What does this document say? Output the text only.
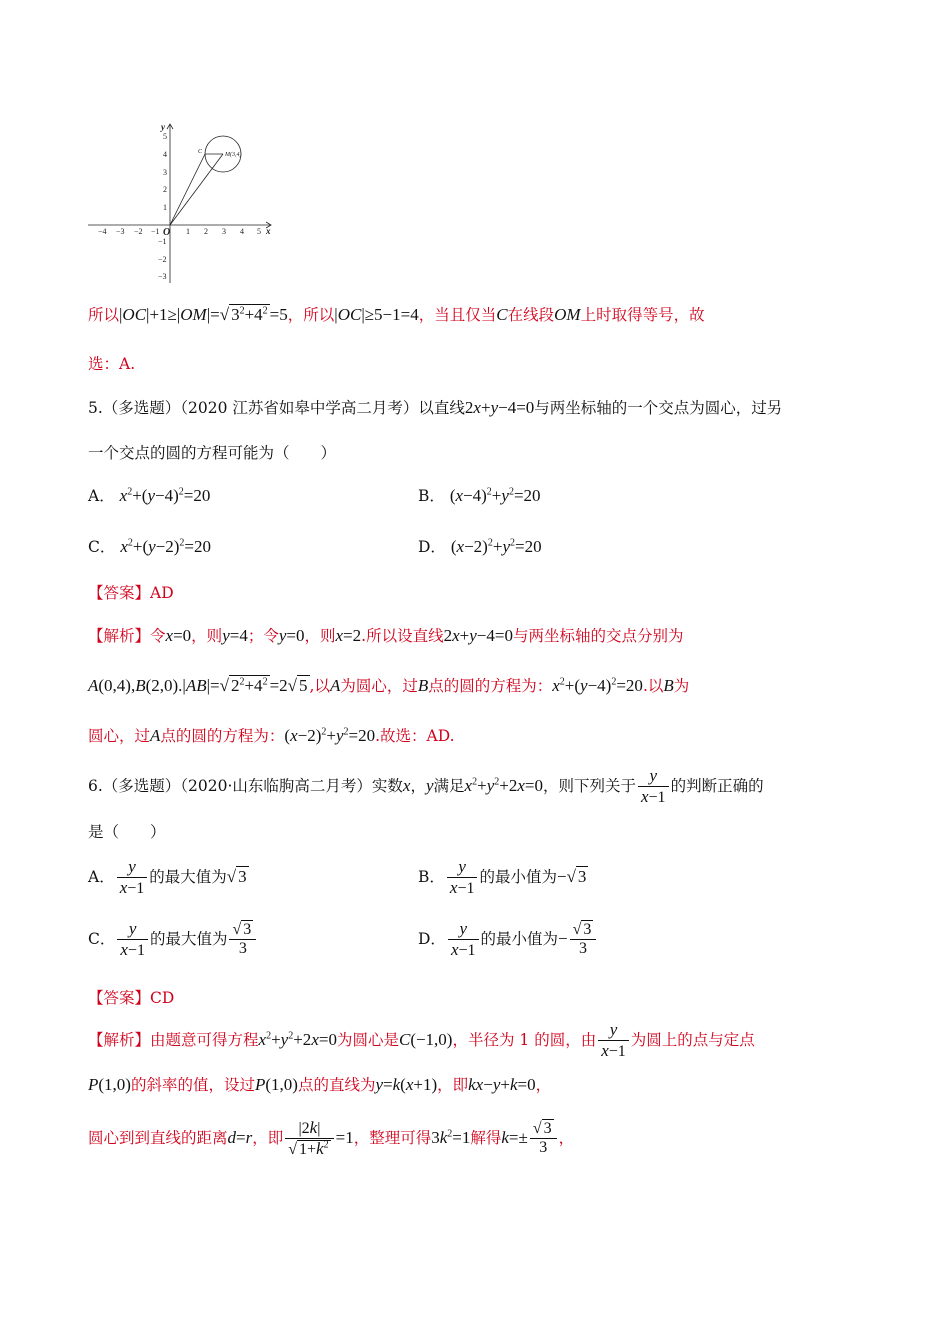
−4 −3 −2 −1	1 2 3 4 5
5
4
3
2
1
−1
−2
−3
y
x
O
C	M(3,4)
所以|OC|+1≥|OM|=√ $3^2+4^2 =5$，所以|OC|≥5−1=4，当且仅当C在线段OM上时取得等号，故
选：A.
5.（多选题）（2020 江苏省如皋中学高二月考）以直线2x+y−4=0与两坐标轴的一个交点为圆心，过另
一个交点的圆的方程可能为（　　）
A． $x^2+(y-4)^2=20$	B． $(x-4)^2+y^2=20$
C． $x^2+(y-2)^2=20$	D． $(x-2)^2+y^2=20$
【答案】AD
【解析】令x=0，则y=4；令y=0，则x=2.所以设直线2x+y−4=0与两坐标轴的交点分别为
A(0,4),B(2,0).|AB|=√ $2^2+4^2 =2√$ 5 ,以A为圆心，过B点的圆的方程为：$x^2+(y-4)^2=20$.以B为
圆心，过A点的圆的方程为：$(x-2)^2+y^2=20$.故选：AD.
6.（多选题）（2020·山东临朐高二月考）实数x，y满足$x^2+y^2+2x=0$，则下列关于 $\frac{y}{x-1}$ 的判断正确的
是（　　）
A． $\frac{y}{x-1}$ 的最大值为√ 3	B． $\frac{y}{x-1}$ 的最小值为−√ 3
C． $\frac{y}{x-1}$ 的最大值为 $\frac{√ 3}{3}$	D． $\frac{y}{x-1}$ 的最小值为− $\frac{√ 3}{3}$
【答案】CD
【解析】由题意可得方程$x^2+y^2+2x=0$为圆心是C(−1,0)，半径为 1 的圆，由 $\frac{y}{x-1}$ 为圆上的点与定点
P(1,0)的斜率的值，设过P(1,0)点的直线为y=k(x+1)，即kx−y+k=0，
圆心到到直线的距离d=r，即 $\frac{|2k|}{√ 1+k^2} =1$，整理可得$3k^2=1$解得$k=\pm \frac{√ 3}{3}$ ，
